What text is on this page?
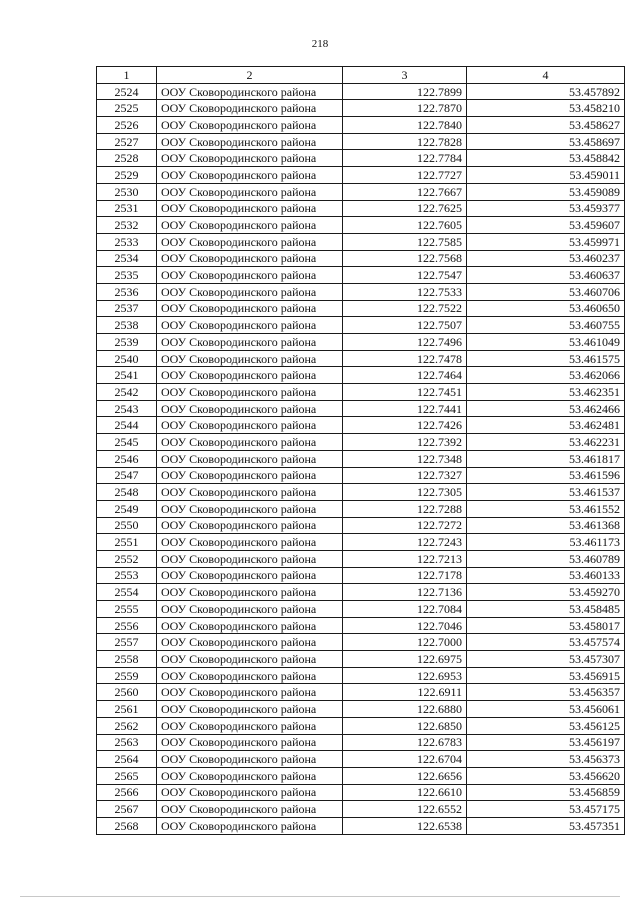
218
1	2	3	4
2524	ООУ Сковородинского района	122.7899	53.457892
2525	ООУ Сковородинского района	122.7870	53.458210
2526	ООУ Сковородинского района	122.7840	53.458627
2527	ООУ Сковородинского района	122.7828	53.458697
2528	ООУ Сковородинского района	122.7784	53.458842
2529	ООУ Сковородинского района	122.7727	53.459011
2530	ООУ Сковородинского района	122.7667	53.459089
2531	ООУ Сковородинского района	122.7625	53.459377
2532	ООУ Сковородинского района	122.7605	53.459607
2533	ООУ Сковородинского района	122.7585	53.459971
2534	ООУ Сковородинского района	122.7568	53.460237
2535	ООУ Сковородинского района	122.7547	53.460637
2536	ООУ Сковородинского района	122.7533	53.460706
2537	ООУ Сковородинского района	122.7522	53.460650
2538	ООУ Сковородинского района	122.7507	53.460755
2539	ООУ Сковородинского района	122.7496	53.461049
2540	ООУ Сковородинского района	122.7478	53.461575
2541	ООУ Сковородинского района	122.7464	53.462066
2542	ООУ Сковородинского района	122.7451	53.462351
2543	ООУ Сковородинского района	122.7441	53.462466
2544	ООУ Сковородинского района	122.7426	53.462481
2545	ООУ Сковородинского района	122.7392	53.462231
2546	ООУ Сковородинского района	122.7348	53.461817
2547	ООУ Сковородинского района	122.7327	53.461596
2548	ООУ Сковородинского района	122.7305	53.461537
2549	ООУ Сковородинского района	122.7288	53.461552
2550	ООУ Сковородинского района	122.7272	53.461368
2551	ООУ Сковородинского района	122.7243	53.461173
2552	ООУ Сковородинского района	122.7213	53.460789
2553	ООУ Сковородинского района	122.7178	53.460133
2554	ООУ Сковородинского района	122.7136	53.459270
2555	ООУ Сковородинского района	122.7084	53.458485
2556	ООУ Сковородинского района	122.7046	53.458017
2557	ООУ Сковородинского района	122.7000	53.457574
2558	ООУ Сковородинского района	122.6975	53.457307
2559	ООУ Сковородинского района	122.6953	53.456915
2560	ООУ Сковородинского района	122.6911	53.456357
2561	ООУ Сковородинского района	122.6880	53.456061
2562	ООУ Сковородинского района	122.6850	53.456125
2563	ООУ Сковородинского района	122.6783	53.456197
2564	ООУ Сковородинского района	122.6704	53.456373
2565	ООУ Сковородинского района	122.6656	53.456620
2566	ООУ Сковородинского района	122.6610	53.456859
2567	ООУ Сковородинского района	122.6552	53.457175
2568	ООУ Сковородинского района	122.6538	53.457351
